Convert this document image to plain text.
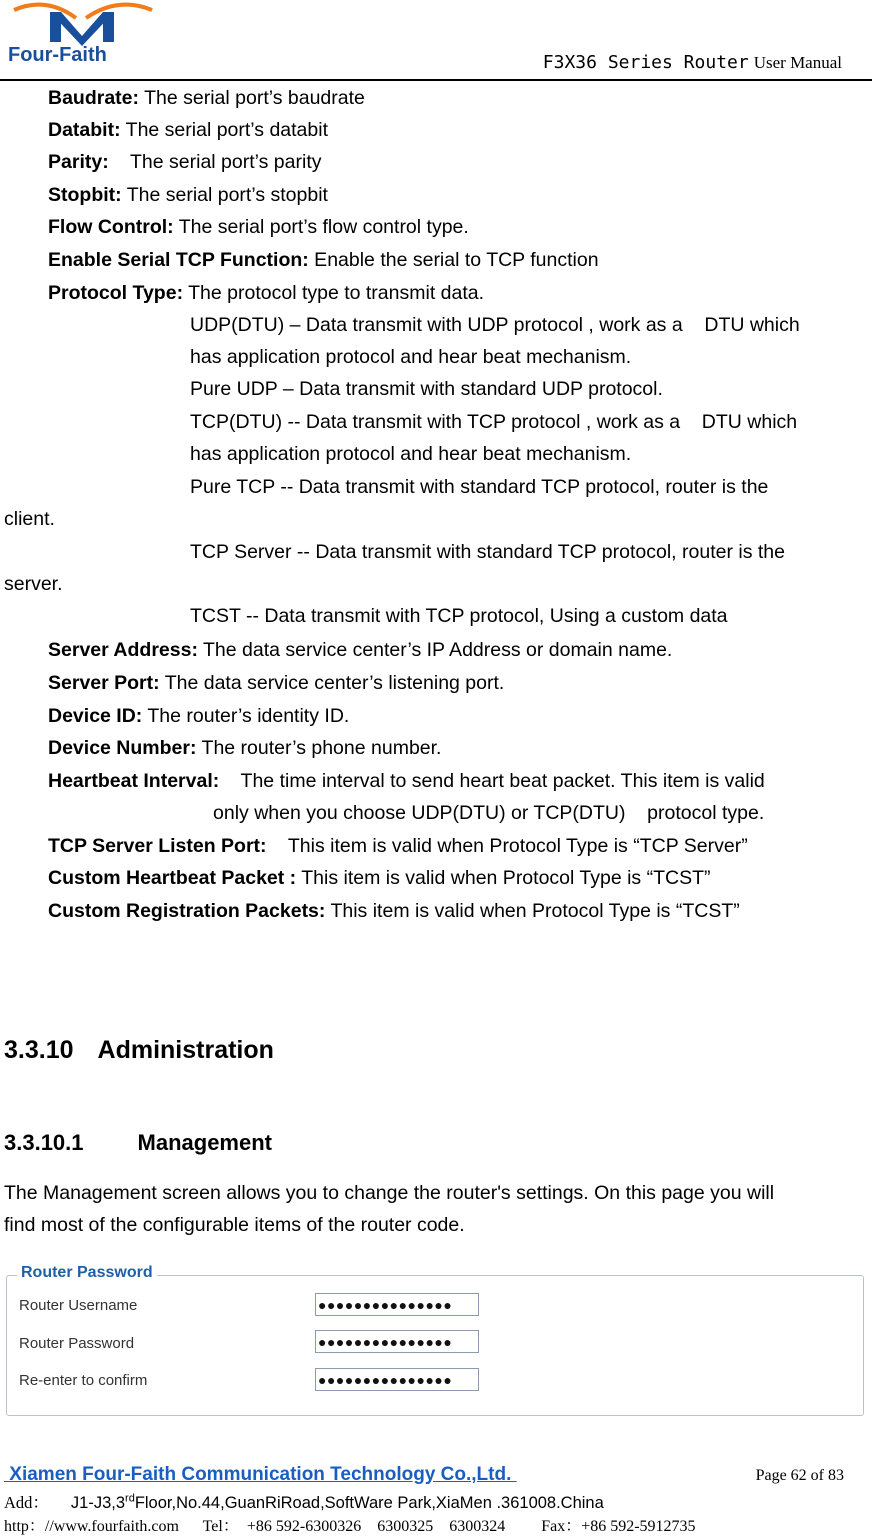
Four-Faith	F3X36 Series Router User Manual
Baudrate: The serial port’s baudrate
Databit: The serial port’s databit
Parity:    The serial port’s parity
Stopbit: The serial port’s stopbit
Flow Control: The serial port’s flow control type.
Enable Serial TCP Function: Enable the serial to TCP function
Protocol Type: The protocol type to transmit data.
UDP(DTU) – Data transmit with UDP protocol , work as a    DTU which
has application protocol and hear beat mechanism.
Pure UDP – Data transmit with standard UDP protocol.
TCP(DTU) -- Data transmit with TCP protocol , work as a    DTU which
has application protocol and hear beat mechanism.
Pure TCP -- Data transmit with standard TCP protocol, router is the
client.
TCP Server -- Data transmit with standard TCP protocol, router is the
server.
TCST -- Data transmit with TCP protocol, Using a custom data
Server Address: The data service center’s IP Address or domain name.
Server Port: The data service center’s listening port.
Device ID: The router’s identity ID.
Device Number: The router’s phone number.
Heartbeat Interval:    The time interval to send heart beat packet. This item is valid
only when you choose UDP(DTU) or TCP(DTU)    protocol type.
TCP Server Listen Port:    This item is valid when Protocol Type is “TCP Server”
Custom Heartbeat Packet : This item is valid when Protocol Type is “TCST”
Custom Registration Packets: This item is valid when Protocol Type is “TCST”
3.3.10 Administration
3.3.10.1 Management
The Management screen allows you to change the router's settings. On this page you will
find most of the configurable items of the router code.
Router Password
Router Username	●●●●●●●●●●●●●●●
Router Password	●●●●●●●●●●●●●●●
Re-enter to confirm	●●●●●●●●●●●●●●●
Xiamen Four-Faith Communication Technology Co.,Ltd.	Page 62 of 83
Add： J1-J3,3rdFloor,No.44,GuanRiRoad,SoftWare Park,XiaMen .361008.China
http：//www.fourfaith.com      Tel：  +86 592-6300326    6300325    6300324         Fax：+86 592-5912735
